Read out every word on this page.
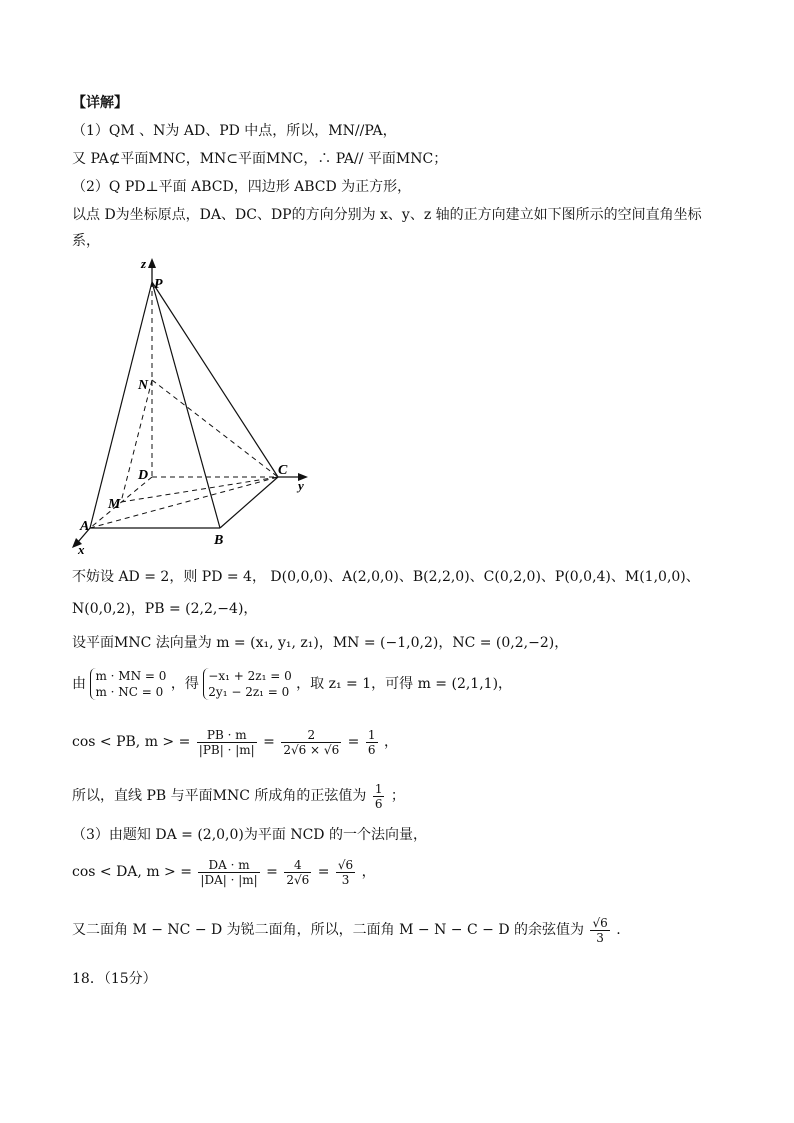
【详解】
（1）QM 、N为 AD、PD 中点，所以，MN//PA，
又 PA⊄平面MNC，MN⊂平面MNC，∴ PA// 平面MNC；
（2）Q PD⊥平面 ABCD，四边形 ABCD 为正方形，
以点 D为坐标原点，DA、DC、DP的方向分别为 x、y、z 轴的正方向建立如下图所示的空间直角坐标
系，
z
P
N
D	C
y
M
A
B
x
不妨设 AD = 2，则 PD = 4， D(0,0,0)、A(2,0,0)、B(2,2,0)、C(0,2,0)、P(0,0,4)、M(1,0,0)、
N(0,0,2)，PB = (2,2,−4)，
设平面MNC 法向量为 m = (x₁, y₁, z₁)，MN = (−1,0,2)，NC = (0,2,−2)，
由 m · MN = 0
m · NC = 0 ，得 −x₁ + 2z₁ = 0
2y₁ − 2z₁ = 0 ，取 z₁ = 1，可得 m = (2,1,1)，
cos < PB, m > = $\frac{PB \cdot m}{|PB| \cdot |m|} = \frac{2}{2√6 \times √6} = \frac{1}{6}$ ，
所以，直线 PB 与平面MNC 所成角的正弦值为 $\frac{1}{6}$ ；
（3）由题知 DA = (2,0,0)为平面 NCD 的一个法向量，
cos < DA, m > = $\frac{DA \cdot m}{|DA| \cdot |m|} = \frac{4}{2√6} = \frac{√6}{3}$ ，
又二面角 M − NC − D 为锐二面角，所以，二面角 M − N − C − D 的余弦值为 $\frac{√6}{3}$ .
18．（15分）
